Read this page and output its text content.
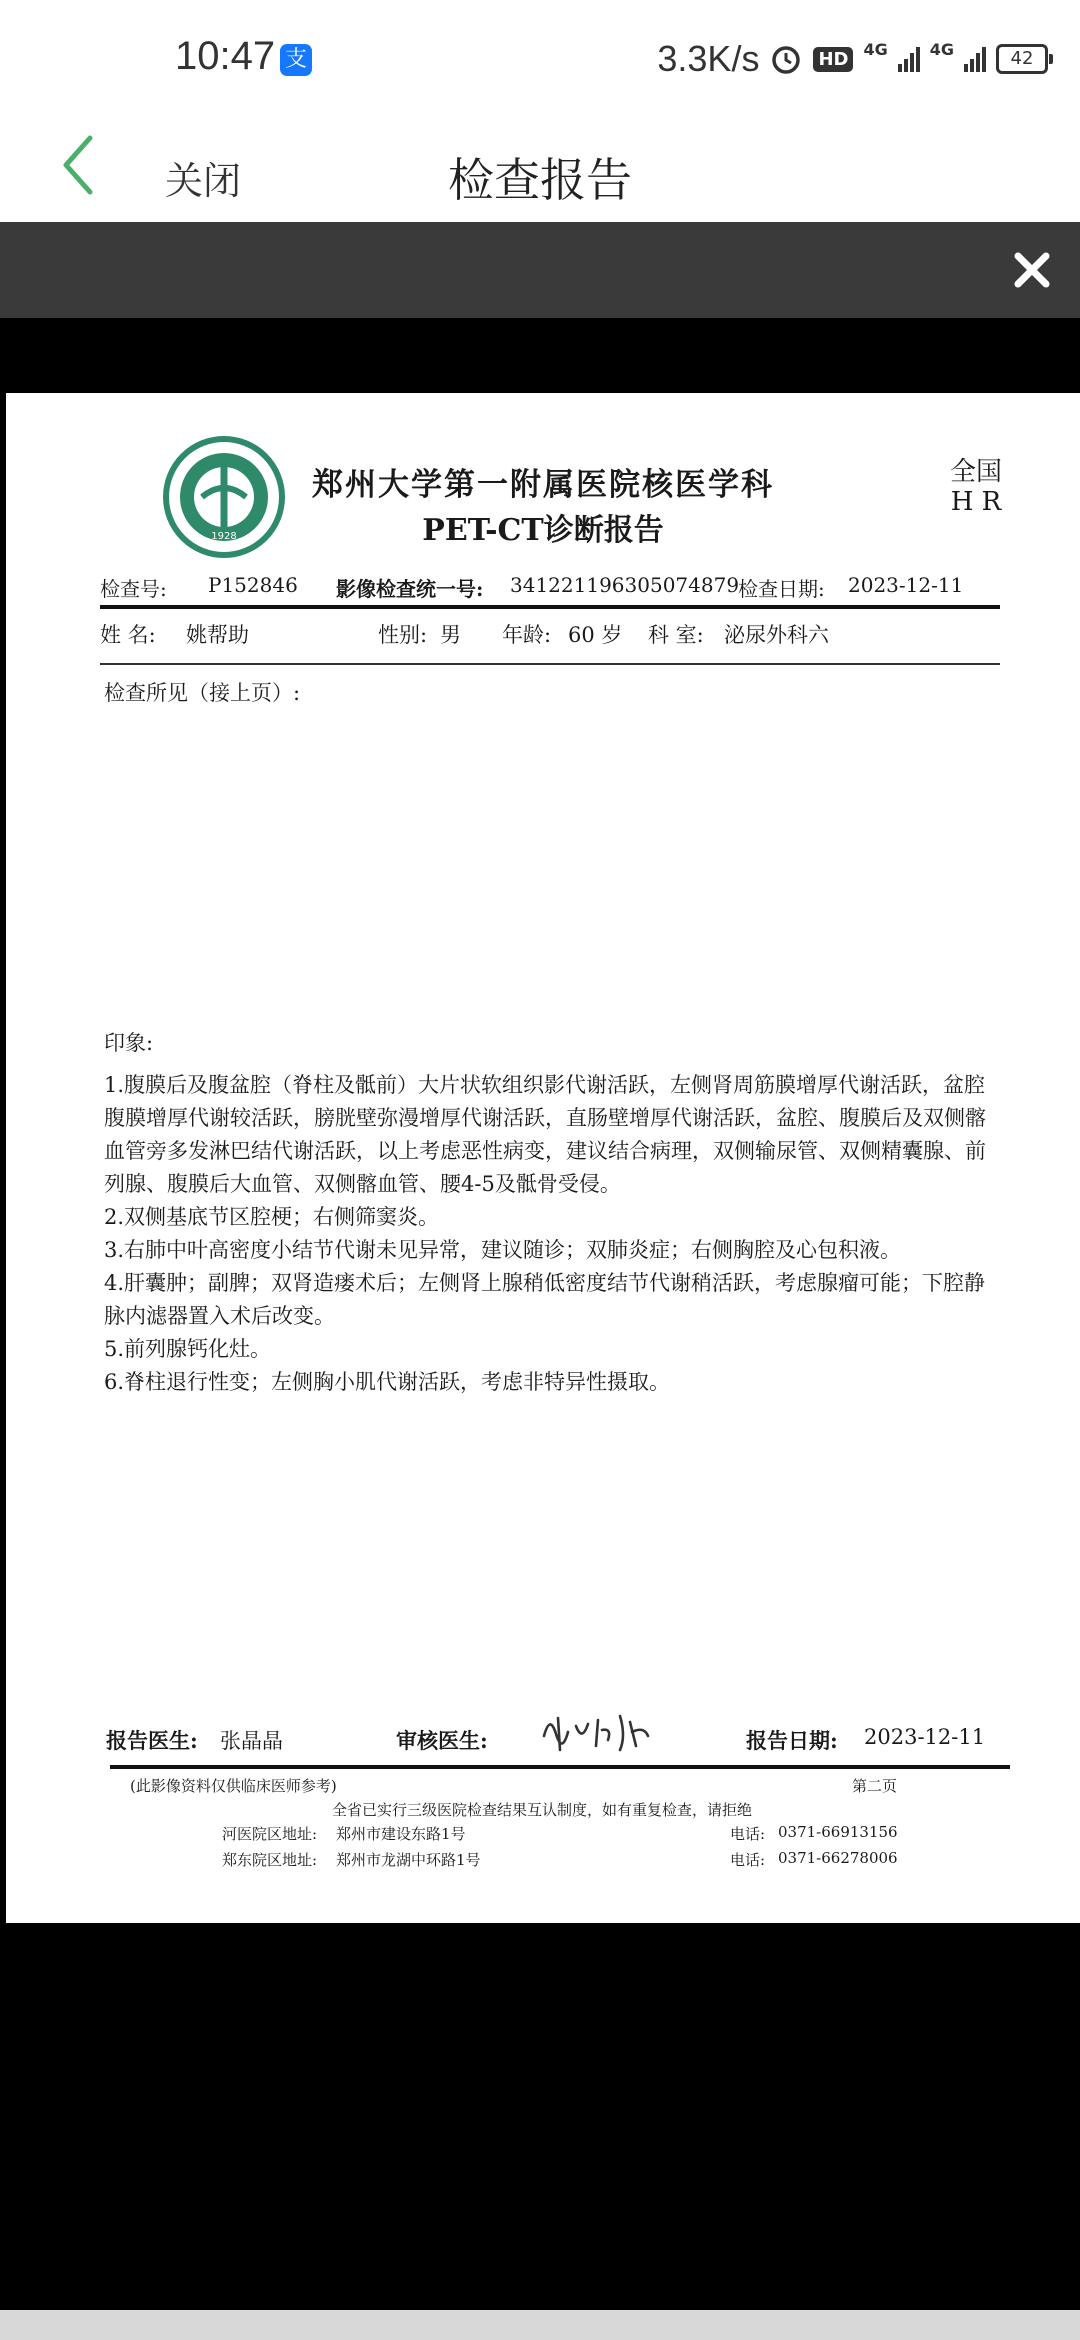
10:47 支	3.3K/s	HD 4G	4G	42
关闭	检查报告
1928
郑州大学第一附属医院核医学科
PET-CT诊断报告
全国
H R
检查号: P152846 影像检查统一号: 341221196305074879
检查日期: 2023-12-11
姓 名: 姚帮助	性别: 男 年龄: 60 岁 科 室: 泌尿外科六
检查所见（接上页）:
印象:

1.腹膜后及腹盆腔（脊柱及骶前）大片状软组织影代谢活跃，左侧肾周筋膜增厚代谢活跃，盆腔腹膜增厚代谢较活跃，膀胱壁弥漫增厚代谢活跃，直肠壁增厚代谢活跃，盆腔、腹膜后及双侧髂血管旁多发淋巴结代谢活跃，以上考虑恶性病变，建议结合病理，双侧输尿管、双侧精囊腺、前列腺、腹膜后大血管、双侧髂血管、腰4-5及骶骨受侵。

2.双侧基底节区腔梗；右侧筛窦炎。

3.右肺中叶高密度小结节代谢未见异常，建议随诊；双肺炎症；右侧胸腔及心包积液。

4.肝囊肿；副脾；双肾造瘘术后；左侧肾上腺稍低密度结节代谢稍活跃，考虑腺瘤可能；下腔静脉内滤器置入术后改变。

5.前列腺钙化灶。

6.脊柱退行性变；左侧胸小肌代谢活跃，考虑非特异性摄取。

报告医生: 张晶晶	审核医生:	报告日期: 2023-12-11
(此影像资料仅供临床医师参考)	第二页
全省已实行三级医院检查结果互认制度，如有重复检查，请拒绝
河医院区地址: 郑州市建设东路1号	电话: 0371-66913156
郑东院区地址: 郑州市龙湖中环路1号	电话: 0371-66278006
